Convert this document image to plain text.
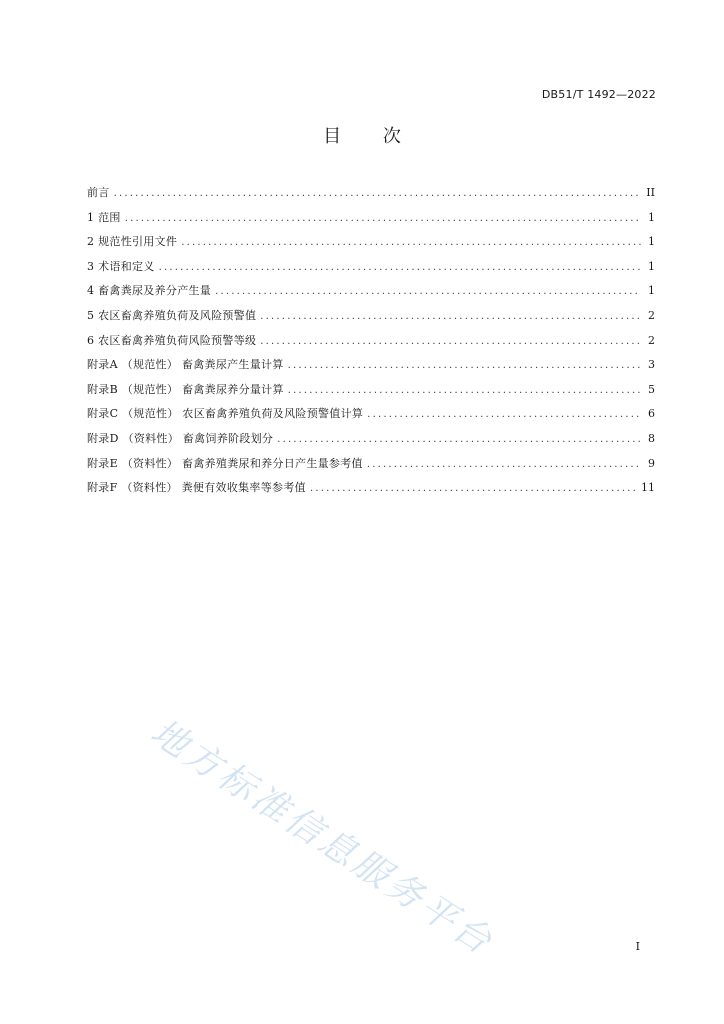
DB51/T 1492—2022
目 次
前言 .....	II
1 范围 .....	1
2 规范性引用文件 .....	1
3 术语和定义 .....	1
4 畜禽粪尿及养分产生量 .....	1
5 农区畜禽养殖负荷及风险预警值 .....	2
6 农区畜禽养殖负荷风险预警等级 .....	2
附录A （规范性） 畜禽粪尿产生量计算 .....	3
附录B （规范性） 畜禽粪尿养分量计算 .....	5
附录C （规范性） 农区畜禽养殖负荷及风险预警值计算 .....	6
附录D （资料性） 畜禽饲养阶段划分 .....	8
附录E （资料性） 畜禽养殖粪尿和养分日产生量参考值 .....	9
附录F （资料性） 粪便有效收集率等参考值 .....	11
地方标准信息服务平台	I
